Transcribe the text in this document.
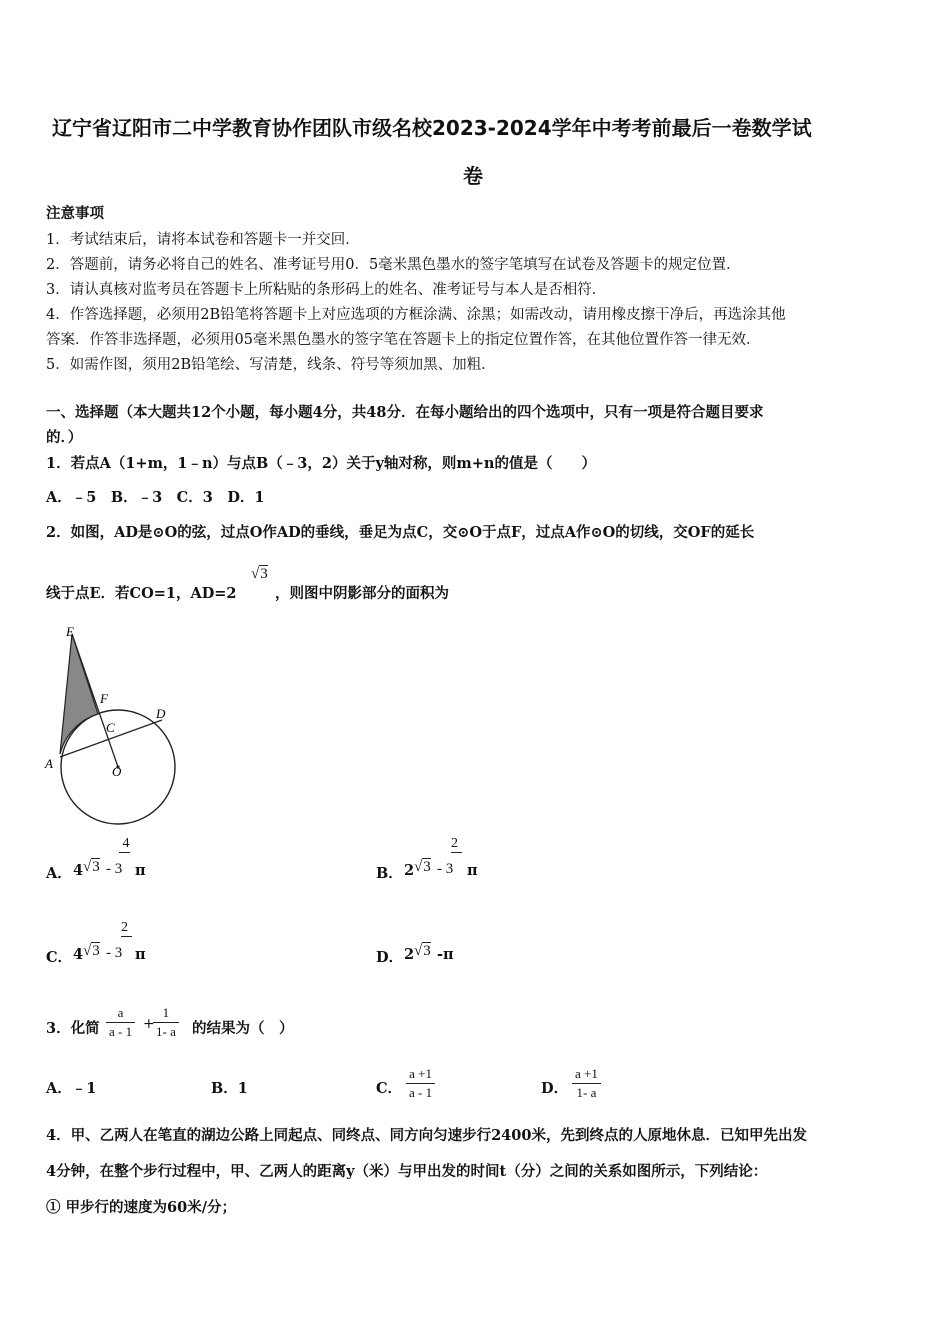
辽宁省辽阳市二中学教育协作团队市级名校2023-2024学年中考考前最后一卷数学试
卷
注意事项
1．考试结束后，请将本试卷和答题卡一并交回．
2．答题前，请务必将自己的姓名、准考证号用0．5毫米黑色墨水的签字笔填写在试卷及答题卡的规定位置．
3．请认真核对监考员在答题卡上所粘贴的条形码上的姓名、准考证号与本人是否相符．
4．作答选择题，必须用2B铅笔将答题卡上对应选项的方框涂满、涂黑；如需改动，请用橡皮擦干净后，再选涂其他
答案．作答非选择题，必须用05毫米黑色墨水的签字笔在答题卡上的指定位置作答，在其他位置作答一律无效．
5．如需作图，须用2B铅笔绘、写清楚，线条、符号等须加黑、加粗．
一、选择题（本大题共12个小题，每小题4分，共48分．在每小题给出的四个选项中，只有一项是符合题目要求
的．）
1．若点A（1+m，1﹣n）与点B（﹣3，2）关于y轴对称，则m+n的值是（　　）
A．﹣5　B．﹣3　C．3　D．1
2．如图，AD是⊙O的弦，过点O作AD的垂线，垂足为点C，交⊙O于点F，过点A作⊙O的切线，交OF的延长
线于点E．若CO=1，AD=2
√3
，则图中阴影部分的面积为
E
F
C
D
A
O
A． 4 √3 - 3
4
π	B． 2 √3 - 3
2
π
C． 4 √3 - 3
2
π	D． 2 √3 -π
3．化简 $\frac{a}{a - 1}$ +
$\frac{1}{1- a}$ 的结果为（　）
A．﹣1	B．1	C． $\frac{a +1}{a - 1}$	D． $\frac{a +1}{1- a}$
4．甲、乙两人在笔直的湖边公路上同起点、同终点、同方向匀速步行2400米，先到终点的人原地休息．已知甲先出发
4分钟，在整个步行过程中，甲、乙两人的距离y（米）与甲出发的时间t（分）之间的关系如图所示，下列结论：
① 甲步行的速度为60米/分；
